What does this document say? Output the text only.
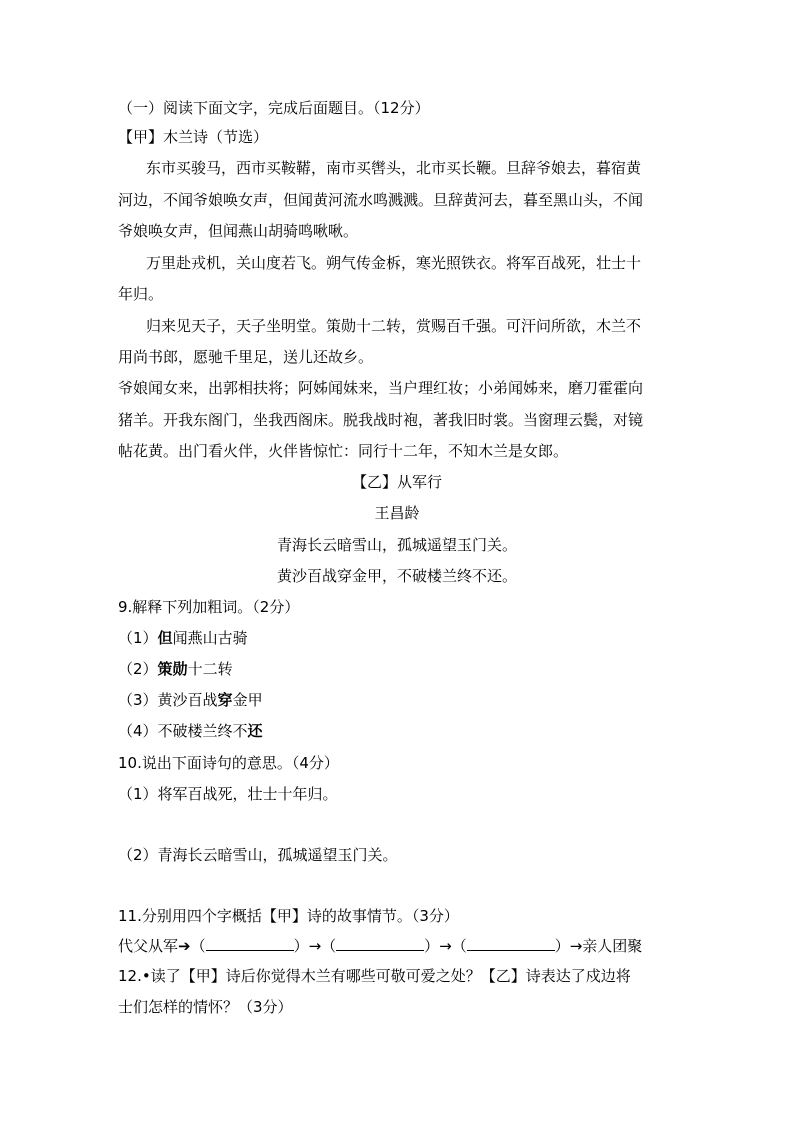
（一）阅读下面文字，完成后面题目。（12分）
【甲】木兰诗（节选）
东市买骏马，西市买鞍鞯，南市买辔头，北市买长鞭。旦辞爷娘去，暮宿黄
河边，不闻爷娘唤女声，但闻黄河流水鸣溅溅。旦辞黄河去，暮至黑山头，不闻
爷娘唤女声，但闻燕山胡骑鸣啾啾。
万里赴戎机，关山度若飞。朔气传金柝，寒光照铁衣。将军百战死，壮士十
年归。
归来见天子，天子坐明堂。策勋十二转，赏赐百千强。可汗问所欲，木兰不
用尚书郎，愿驰千里足，送儿还故乡。
爷娘闻女来，出郭相扶将；阿姊闻妹来，当户理红妆；小弟闻姊来，磨刀霍霍向
猪羊。开我东阁门，坐我西阁床。脱我战时袍，著我旧时裳。当窗理云鬓，对镜
帖花黄。出门看火伴，火伴皆惊忙：同行十二年，不知木兰是女郎。
【乙】从军行
王昌龄
青海长云暗雪山，孤城遥望玉门关。
黄沙百战穿金甲，不破楼兰终不还。
9.解释下列加粗词。（2分）
（1）但闻燕山古骑
（2）策勋十二转
（3）黄沙百战穿金甲
（4）不破楼兰终不还
10.说出下面诗句的意思。（4分）
（1）将军百战死，壮士十年归。
（2）青海长云暗雪山，孤城遥望玉门关。
11.分别用四个字概括【甲】诗的故事情节。（3分）
代父从军➔（	）→（	）→（	）→亲人团聚
12.•读了【甲】诗后你觉得木兰有哪些可敬可爱之处？【乙】诗表达了戍边将
士们怎样的情怀？（3分）
